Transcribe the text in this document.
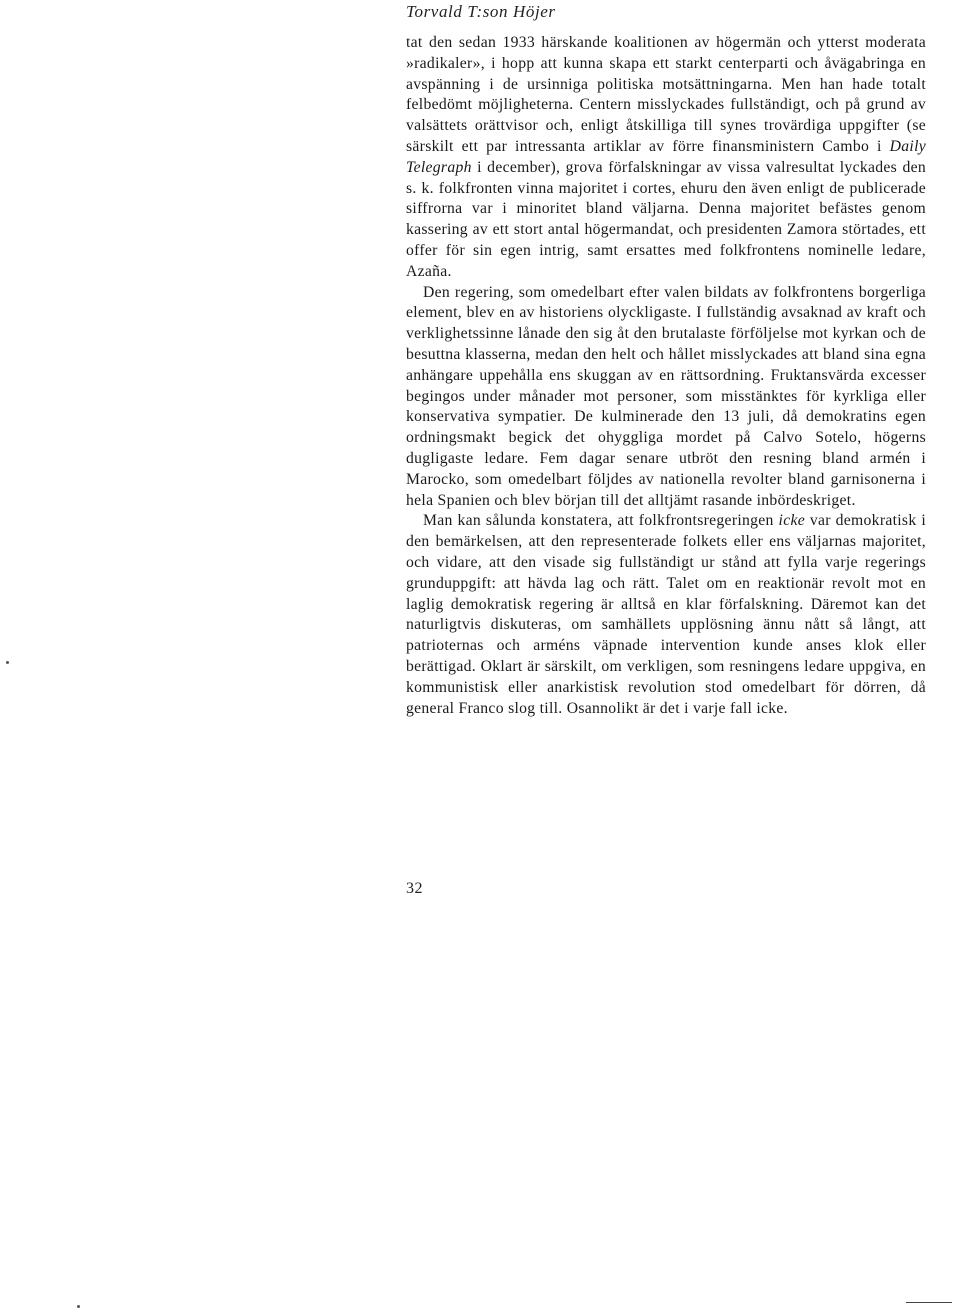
Torvald T:son Höjer

tat den sedan 1933 härskande koalitionen av högermän och ytterst moderata »radikaler», i hopp att kunna skapa ett starkt centerparti och åvägabringa en avspänning i de ursinniga politiska motsättningarna. Men han hade totalt felbedömt möjligheterna. Centern misslyckades fullständigt, och på grund av valsättets orättvisor och, enligt åtskilliga till synes trovärdiga uppgifter (se särskilt ett par intressanta artiklar av förre finansministern Cambo i Daily Telegraph i december), grova förfalskningar av vissa valresultat lyckades den s. k. folkfronten vinna majoritet i cortes, ehuru den även enligt de publicerade siffrorna var i minoritet bland väljarna. Denna majoritet befästes genom kassering av ett stort antal högermandat, och presidenten Zamora störtades, ett offer för sin egen intrig, samt ersattes med folkfrontens nominelle ledare, Azaña.

Den regering, som omedelbart efter valen bildats av folkfrontens borgerliga element, blev en av historiens olyckligaste. I fullständig avsaknad av kraft och verklighetssinne lånade den sig åt den brutalaste förföljelse mot kyrkan och de besuttna klasserna, medan den helt och hållet misslyckades att bland sina egna anhängare uppehålla ens skuggan av en rättsordning. Fruktansvärda excesser begingos under månader mot personer, som misstänktes för kyrkliga eller konservativa sympatier. De kulminerade den 13 juli, då demokratins egen ordningsmakt begick det ohyggliga mordet på Calvo Sotelo, högerns dugligaste ledare. Fem dagar senare utbröt den resning bland armén i Marocko, som omedelbart följdes av nationella revolter bland garnisonerna i hela Spanien och blev början till det alltjämt rasande inbördeskriget.

Man kan sålunda konstatera, att folkfrontsregeringen icke var demokratisk i den bemärkelsen, att den representerade folkets eller ens väljarnas majoritet, och vidare, att den visade sig fullständigt ur stånd att fylla varje regerings grunduppgift: att hävda lag och rätt. Talet om en reaktionär revolt mot en laglig demokratisk regering är alltså en klar förfalskning. Däremot kan det naturligtvis diskuteras, om samhällets upplösning ännu nått så långt, att patrioternas och arméns väpnade intervention kunde anses klok eller berättigad. Oklart är särskilt, om verkligen, som resningens ledare uppgiva, en kommunistisk eller anarkistisk revolution stod omedelbart för dörren, då general Franco slog till. Osannolikt är det i varje fall icke.

32
